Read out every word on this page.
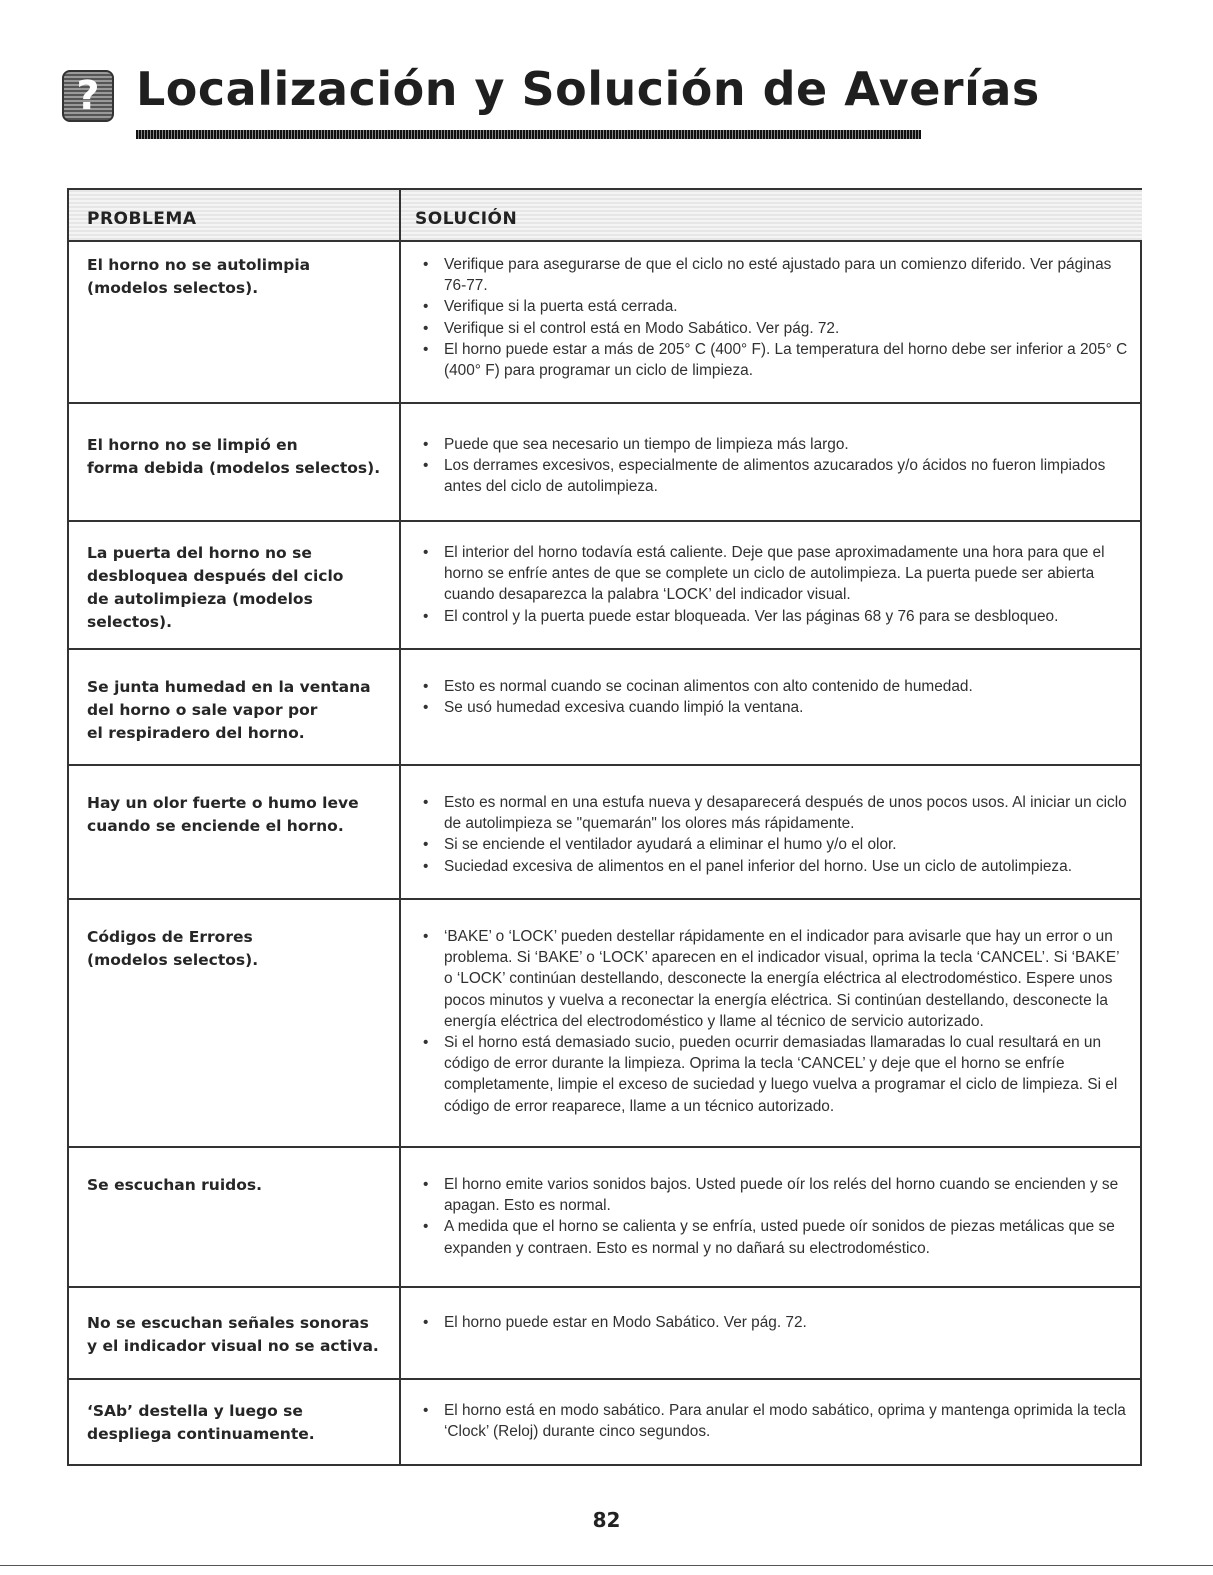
? Localización y Solución de Averías
PROBLEMA	SOLUCIÓN
El horno no se autolimpia
(modelos selectos).
• Verifique para asegurarse de que el ciclo no esté ajustado para un comienzo diferido. Ver páginas 76-77.
• Verifique si la puerta está cerrada.
• Verifique si el control está en Modo Sabático. Ver pág. 72.
• El horno puede estar a más de 205° C (400° F). La temperatura del horno debe ser inferior a 205° C (400° F) para programar un ciclo de limpieza.
El horno no se limpió en
forma debida (modelos selectos).
• Puede que sea necesario un tiempo de limpieza más largo.
• Los derrames excesivos, especialmente de alimentos azucarados y/o ácidos no fueron limpiados antes del ciclo de autolimpieza.
La puerta del horno no se
desbloquea después del ciclo
de autolimpieza (modelos selectos).
• El interior del horno todavía está caliente. Deje que pase aproximadamente una hora para que el horno se enfríe antes de que se complete un ciclo de autolimpieza. La puerta puede ser abierta cuando desaparezca la palabra ‘LOCK’ del indicador visual.
• El control y la puerta puede estar bloqueada. Ver las páginas 68 y 76 para se desbloqueo.
Se junta humedad en la ventana
del horno o sale vapor por
el respiradero del horno.
• Esto es normal cuando se cocinan alimentos con alto contenido de humedad.
• Se usó humedad excesiva cuando limpió la ventana.
Hay un olor fuerte o humo leve
cuando se enciende el horno.
• Esto es normal en una estufa nueva y desaparecerá después de unos pocos usos. Al iniciar un ciclo de autolimpieza se "quemarán" los olores más rápidamente.
• Si se enciende el ventilador ayudará a eliminar el humo y/o el olor.
• Suciedad excesiva de alimentos en el panel inferior del horno. Use un ciclo de autolimpieza.
Códigos de Errores
(modelos selectos).
• ‘BAKE’ o ‘LOCK’ pueden destellar rápidamente en el indicador para avisarle que hay un error o un problema. Si ‘BAKE’ o ‘LOCK’ aparecen en el indicador visual, oprima la tecla ‘CANCEL’. Si ‘BAKE’ o ‘LOCK’ continúan destellando, desconecte la energía eléctrica al electrodoméstico. Espere unos pocos minutos y vuelva a reconectar la energía eléctrica. Si continúan destellando, desconecte la energía eléctrica del electrodoméstico y llame al técnico de servicio autorizado.
• Si el horno está demasiado sucio, pueden ocurrir demasiadas llamaradas lo cual resultará en un código de error durante la limpieza. Oprima la tecla ‘CANCEL’ y deje que el horno se enfríe completamente, limpie el exceso de suciedad y luego vuelva a programar el ciclo de limpieza. Si el código de error reaparece, llame a un técnico autorizado.
Se escuchan ruidos.
•	El horno emite varios sonidos bajos. Usted puede oír los relés del horno cuando se encienden y se apagan. Esto es normal.
• A medida que el horno se calienta y se enfría, usted puede oír sonidos de piezas metálicas que se expanden y contraen. Esto es normal y no dañará su electrodoméstico.
No se escuchan señales sonoras
y el indicador visual no se activa.
• El horno puede estar en Modo Sabático. Ver pág. 72.
‘SAb’ destella y luego se
despliega continuamente.
• El horno está en modo sabático. Para anular el modo sabático, oprima y mantenga oprimida la tecla ‘Clock’ (Reloj) durante cinco segundos.
82
